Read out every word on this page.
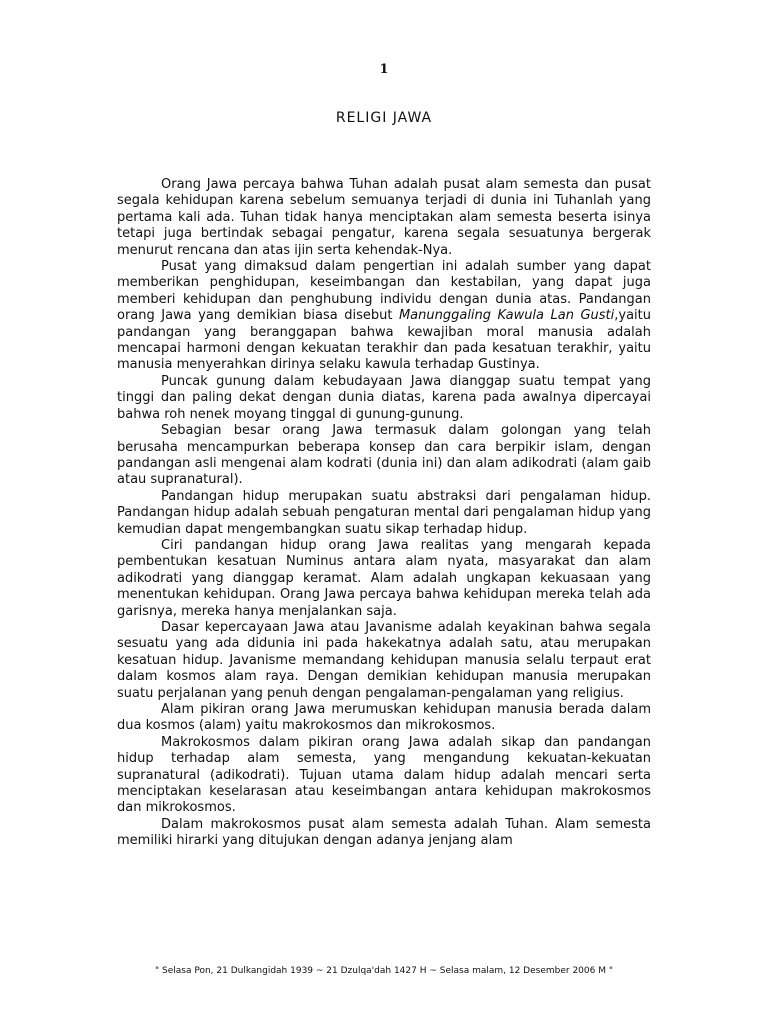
1
RELIGI JAWA

Orang Jawa percaya bahwa Tuhan adalah pusat alam semesta dan pusat segala kehidupan karena sebelum semuanya terjadi di dunia ini Tuhanlah yang pertama kali ada. Tuhan tidak hanya menciptakan alam semesta beserta isinya tetapi juga bertindak sebagai pengatur, karena segala sesuatunya bergerak menurut rencana dan atas ijin serta kehendak-Nya.

Pusat yang dimaksud dalam pengertian ini adalah sumber yang dapat memberikan penghidupan, keseimbangan dan kestabilan, yang dapat juga memberi kehidupan dan penghubung individu dengan dunia atas. Pandangan orang Jawa yang demikian biasa disebut Manunggaling Kawula Lan Gusti,yaitu pandangan yang beranggapan bahwa kewajiban moral manusia adalah mencapai harmoni dengan kekuatan terakhir dan pada kesatuan terakhir, yaitu manusia menyerahkan dirinya selaku kawula terhadap Gustinya.

Puncak gunung dalam kebudayaan Jawa dianggap suatu tempat yang tinggi dan paling dekat dengan dunia diatas, karena pada awalnya dipercayai bahwa roh nenek moyang tinggal di gunung-gunung.

Sebagian besar orang Jawa termasuk dalam golongan yang telah berusaha mencampurkan beberapa konsep dan cara berpikir islam, dengan pandangan asli mengenai alam kodrati (dunia ini) dan alam adikodrati (alam gaib atau supranatural).

Pandangan hidup merupakan suatu abstraksi dari pengalaman hidup. Pandangan hidup adalah sebuah pengaturan mental dari pengalaman hidup yang kemudian dapat mengembangkan suatu sikap terhadap hidup.

Ciri pandangan hidup orang Jawa realitas yang mengarah kepada pembentukan kesatuan Numinus antara alam nyata, masyarakat dan alam adikodrati yang dianggap keramat. Alam adalah ungkapan kekuasaan yang menentukan kehidupan. Orang Jawa percaya bahwa kehidupan mereka telah ada garisnya, mereka hanya menjalankan saja.

Dasar kepercayaan Jawa atau Javanisme adalah keyakinan bahwa segala sesuatu yang ada didunia ini pada hakekatnya adalah satu, atau merupakan kesatuan hidup. Javanisme memandang kehidupan manusia selalu terpaut erat dalam kosmos alam raya. Dengan demikian kehidupan manusia merupakan suatu perjalanan yang penuh dengan pengalaman-pengalaman yang religius.

Alam pikiran orang Jawa merumuskan kehidupan manusia berada dalam dua kosmos (alam) yaitu makrokosmos dan mikrokosmos.

Makrokosmos dalam pikiran orang Jawa adalah sikap dan pandangan hidup terhadap alam semesta, yang mengandung kekuatan-kekuatan supranatural (adikodrati). Tujuan utama dalam hidup adalah mencari serta menciptakan keselarasan atau keseimbangan antara kehidupan makrokosmos dan mikrokosmos.

Dalam makrokosmos pusat alam semesta adalah Tuhan. Alam semesta memiliki hirarki yang ditujukan dengan adanya jenjang alam

" Selasa Pon, 21 Dulkangidah 1939 ~ 21 Dzulqa'dah 1427 H ~ Selasa malam, 12 Desember 2006 M "
